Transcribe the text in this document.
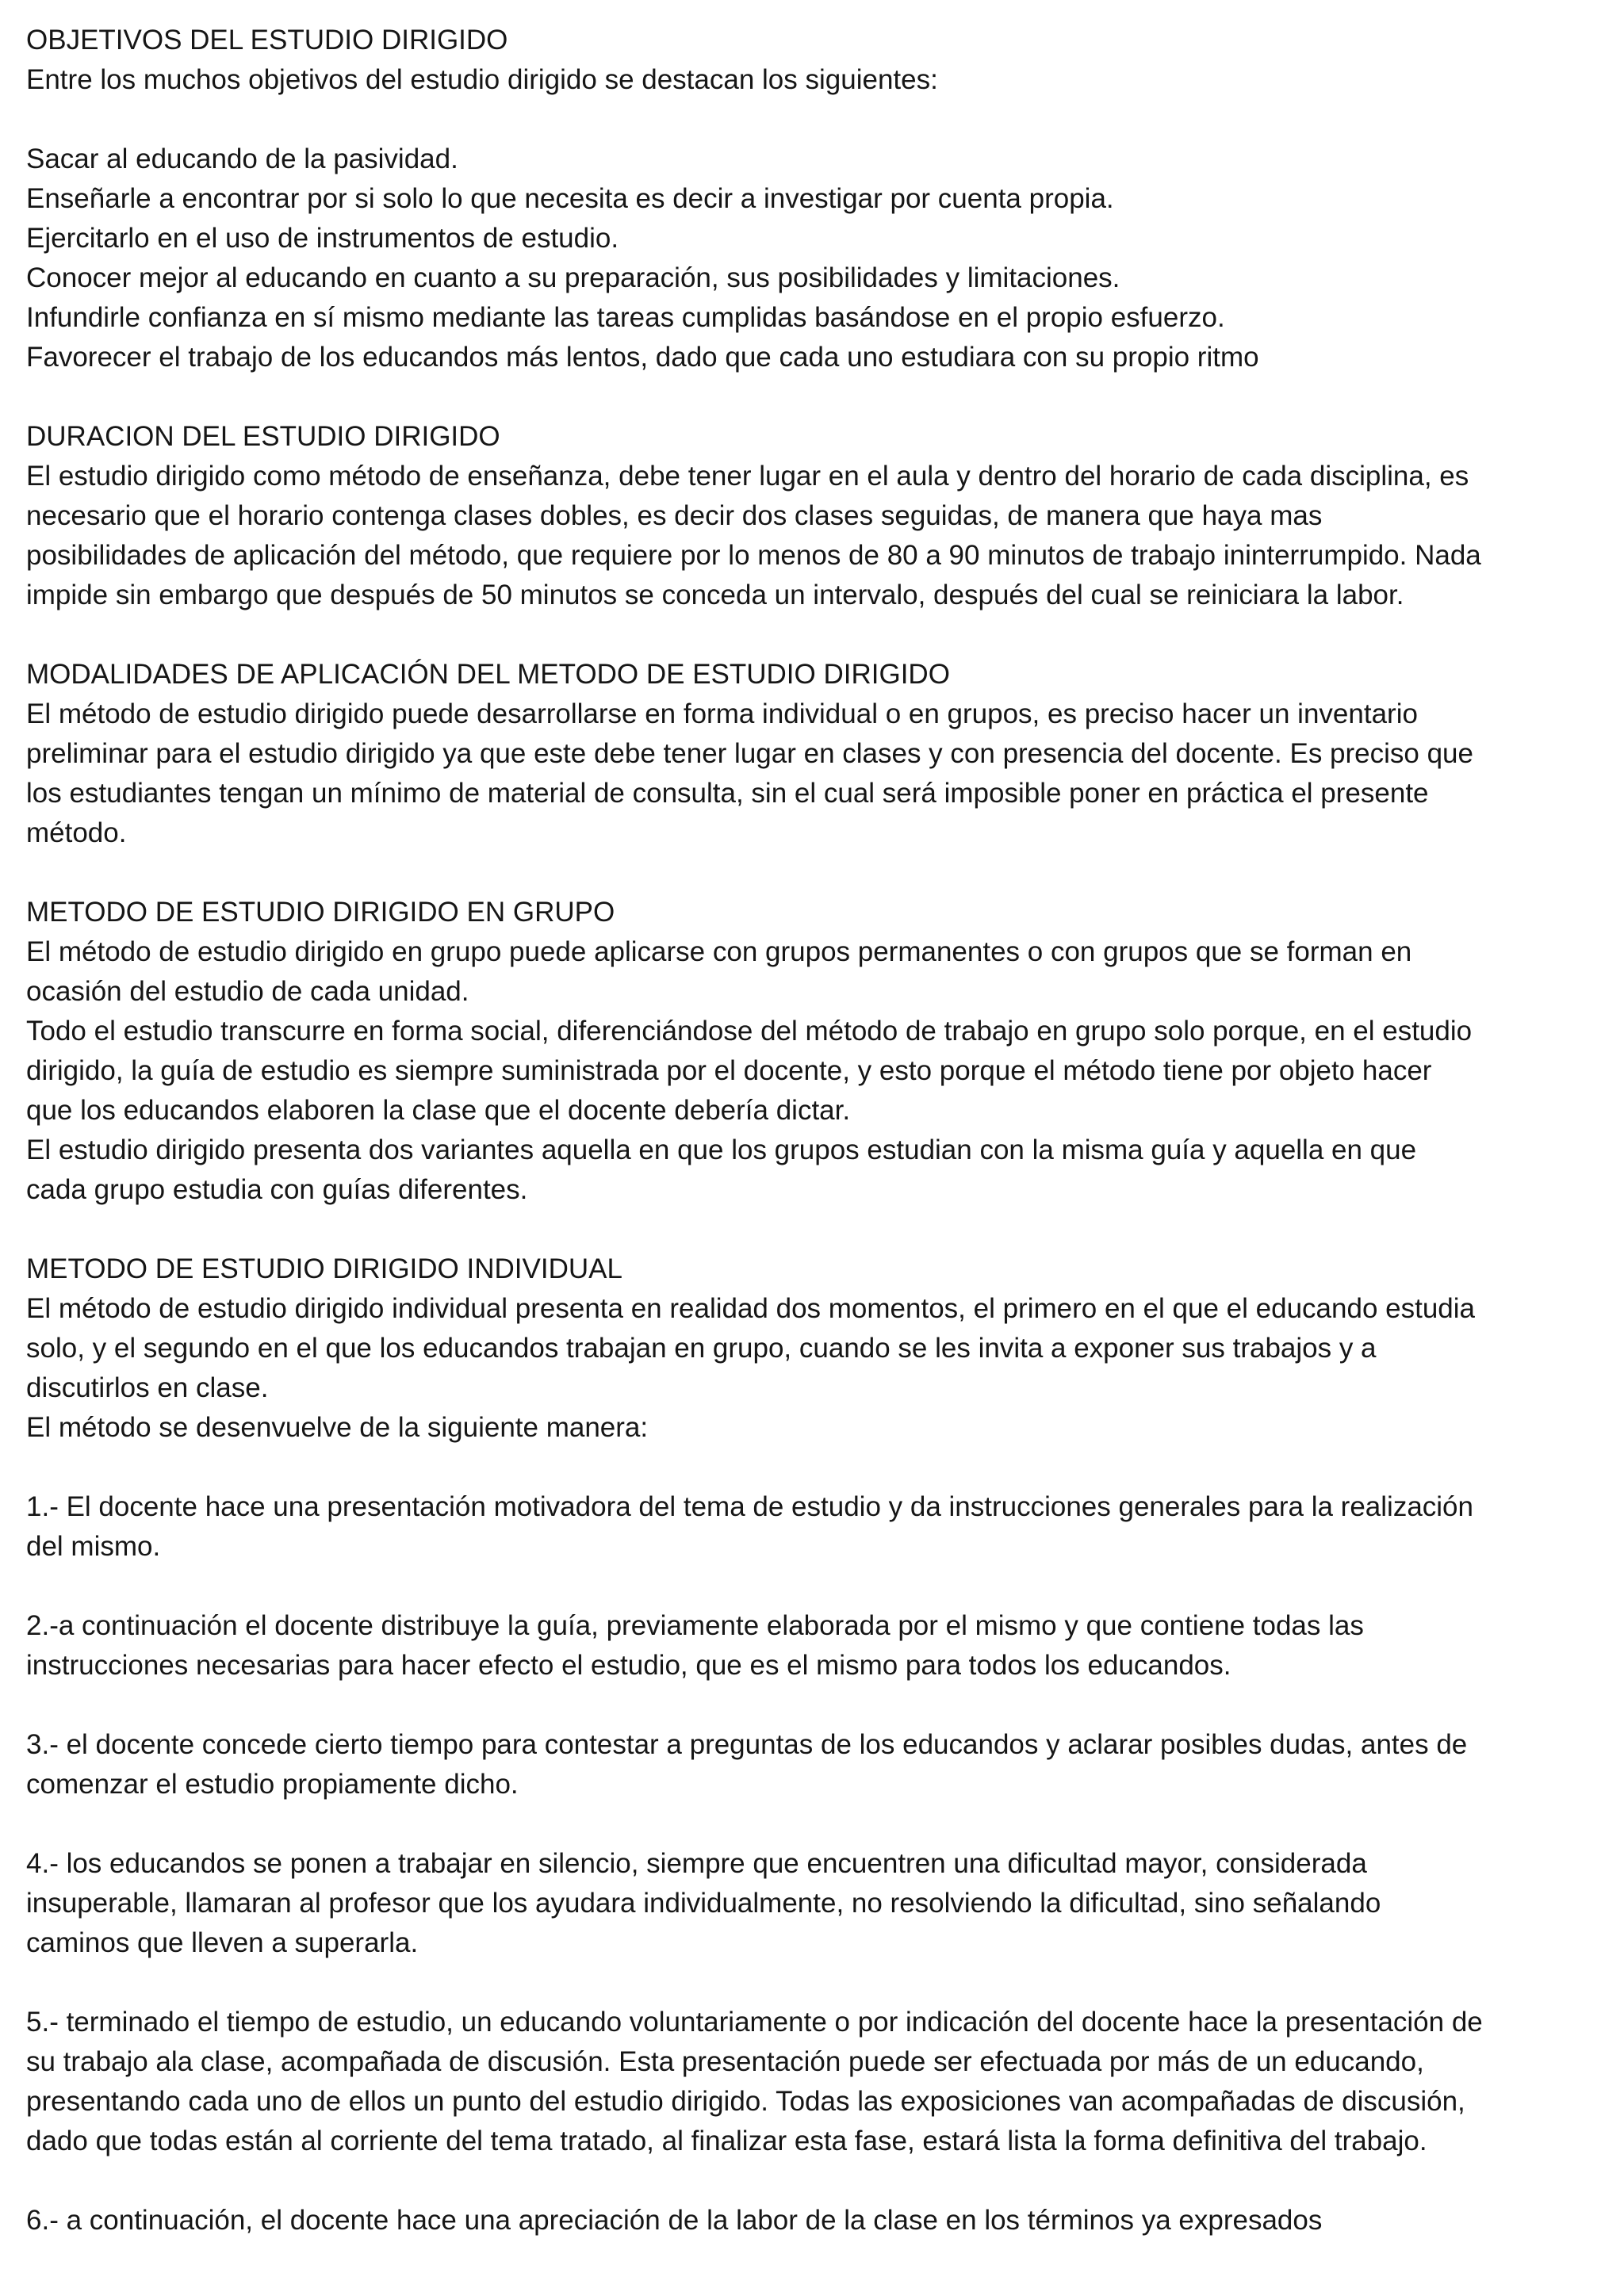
OBJETIVOS DEL ESTUDIO DIRIGIDO

Entre los muchos objetivos del estudio dirigido se destacan los siguientes:

Sacar al educando de la pasividad.

Enseñarle a encontrar por si solo lo que necesita es decir a investigar por cuenta propia.

Ejercitarlo en el uso de instrumentos de estudio.

Conocer mejor al educando en cuanto a su preparación, sus posibilidades y limitaciones.

Infundirle confianza en sí mismo mediante las tareas cumplidas basándose en el propio esfuerzo.

Favorecer el trabajo de los educandos más lentos, dado que cada uno estudiara con su propio ritmo

DURACION DEL ESTUDIO DIRIGIDO

El estudio dirigido como método de enseñanza, debe tener lugar en el aula y dentro del horario de cada disciplina, es
necesario que el horario contenga clases dobles, es decir dos clases seguidas, de manera que haya mas
posibilidades de aplicación del método, que requiere por lo menos de 80 a 90 minutos de trabajo ininterrumpido. Nada
impide sin embargo que después de 50 minutos se conceda un intervalo, después del cual se reiniciara la labor.

MODALIDADES DE APLICACIÓN DEL METODO DE ESTUDIO DIRIGIDO

El método de estudio dirigido puede desarrollarse en forma individual o en grupos, es preciso hacer un inventario
preliminar para el estudio dirigido ya que este debe tener lugar en clases y con presencia del docente. Es preciso que
los estudiantes tengan un mínimo de material de consulta, sin el cual será imposible poner en práctica el presente
método.

METODO DE ESTUDIO DIRIGIDO EN GRUPO

El método de estudio dirigido en grupo puede aplicarse con grupos permanentes o con grupos que se forman en
ocasión del estudio de cada unidad.

Todo el estudio transcurre en forma social, diferenciándose del método de trabajo en grupo solo porque, en el estudio
dirigido, la guía de estudio es siempre suministrada por el docente, y esto porque el método tiene por objeto hacer
que los educandos elaboren la clase que el docente debería dictar.

El estudio dirigido presenta dos variantes aquella en que los grupos estudian con la misma guía y aquella en que
cada grupo estudia con guías diferentes.

METODO DE ESTUDIO DIRIGIDO INDIVIDUAL

El método de estudio dirigido individual presenta en realidad dos momentos, el primero en el que el educando estudia
solo, y el segundo en el que los educandos trabajan en grupo, cuando se les invita a exponer sus trabajos y a
discutirlos en clase.

El método se desenvuelve de la siguiente manera:

1.- El docente hace una presentación motivadora del tema de estudio y da instrucciones generales para la realización
del mismo.

2.-a continuación el docente distribuye la guía, previamente elaborada por el mismo y que contiene todas las
instrucciones necesarias para hacer efecto el estudio, que es el mismo para todos los educandos.

3.- el docente concede cierto tiempo para contestar a preguntas de los educandos y aclarar posibles dudas, antes de
comenzar el estudio propiamente dicho.

4.- los educandos se ponen a trabajar en silencio, siempre que encuentren una dificultad mayor, considerada
insuperable, llamaran al profesor que los ayudara individualmente, no resolviendo la dificultad, sino señalando
caminos que lleven a superarla.

5.- terminado el tiempo de estudio, un educando voluntariamente o por indicación del docente hace la presentación de
su trabajo ala clase, acompañada de discusión. Esta presentación puede ser efectuada por más de un educando,
presentando cada uno de ellos un punto del estudio dirigido. Todas las exposiciones van acompañadas de discusión,
dado que todas están al corriente del tema tratado, al finalizar esta fase, estará lista la forma definitiva del trabajo.

6.- a continuación, el docente hace una apreciación de la labor de la clase en los términos ya expresados
